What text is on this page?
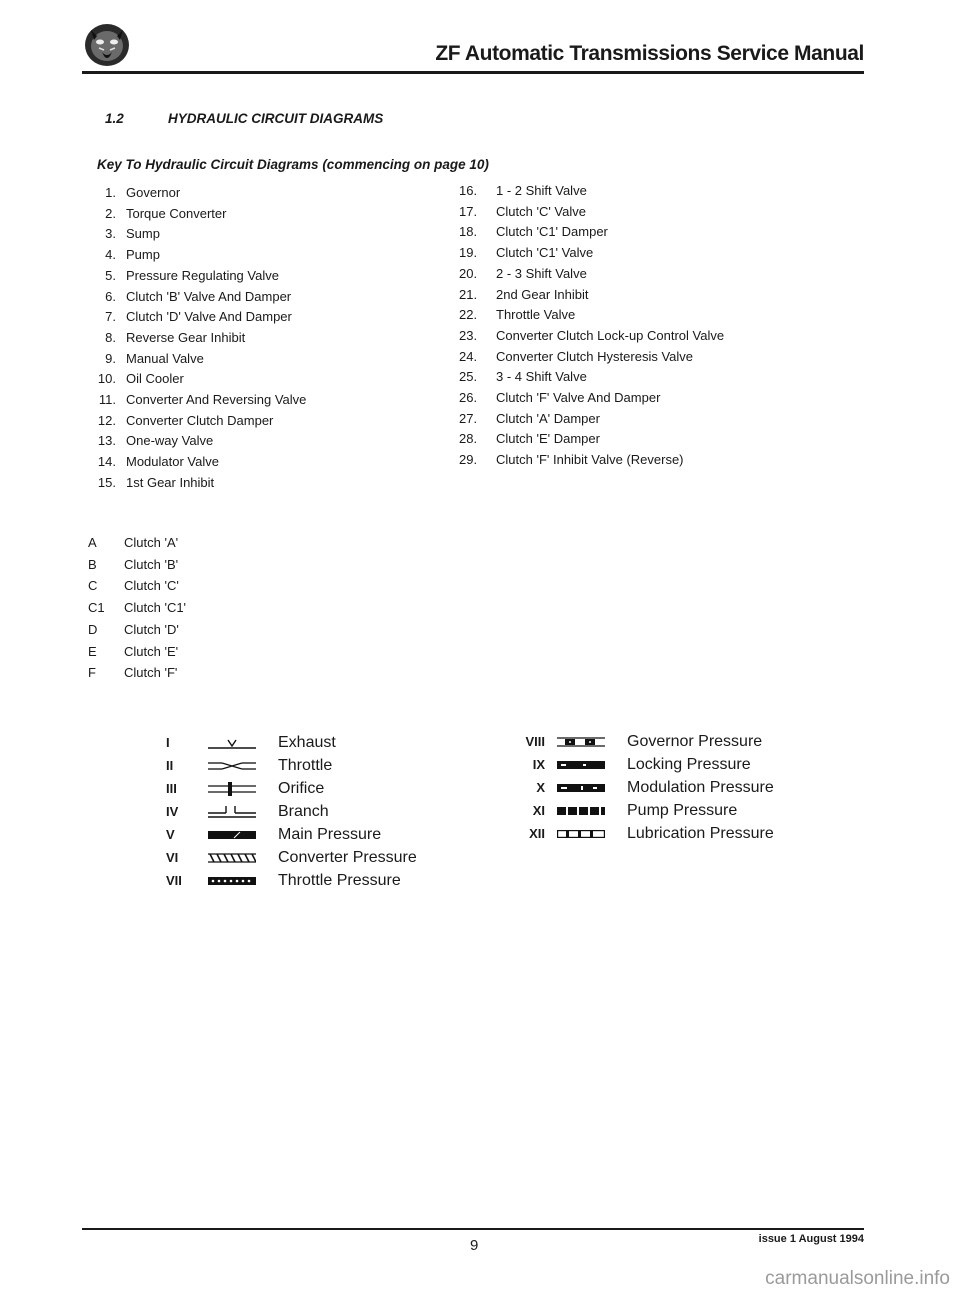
ZF Automatic Transmissions Service Manual
1.2	HYDRAULIC CIRCUIT DIAGRAMS
Key To Hydraulic Circuit Diagrams (commencing on page 10)
1. Governor
2. Torque Converter
3. Sump
4. Pump
5. Pressure Regulating Valve
6. Clutch 'B' Valve And Damper
7. Clutch 'D' Valve And Damper
8. Reverse Gear Inhibit
9. Manual Valve
10. Oil Cooler
11. Converter And Reversing Valve
12. Converter Clutch Damper
13. One-way Valve
14. Modulator Valve
15. 1st Gear Inhibit
16.	1 - 2 Shift Valve
17.	Clutch 'C' Valve
18.	Clutch 'C1' Damper
19.	Clutch 'C1' Valve
20.	2 - 3 Shift Valve
21.	2nd Gear Inhibit
22.	Throttle Valve
23.	Converter Clutch Lock-up Control Valve
24.	Converter Clutch Hysteresis Valve
25.	3 - 4 Shift Valve
26.	Clutch 'F' Valve And Damper
27.	Clutch 'A' Damper
28.	Clutch 'E' Damper
29.	Clutch 'F' Inhibit Valve (Reverse)
A	Clutch 'A'
B	Clutch 'B'
C	Clutch 'C'
C1	Clutch 'C1'
D	Clutch 'D'
E	Clutch 'E'
F	Clutch 'F'
I	Exhaust
II	Throttle
III	Orifice
IV	Branch
V	Main Pressure
VI	Converter Pressure
VII	Throttle Pressure
VIII	Governor Pressure
IX	Locking Pressure
X	Modulation Pressure
XI	Pump Pressure
XII	Lubrication Pressure
9	issue 1 August 1994
carmanualsonline.info
